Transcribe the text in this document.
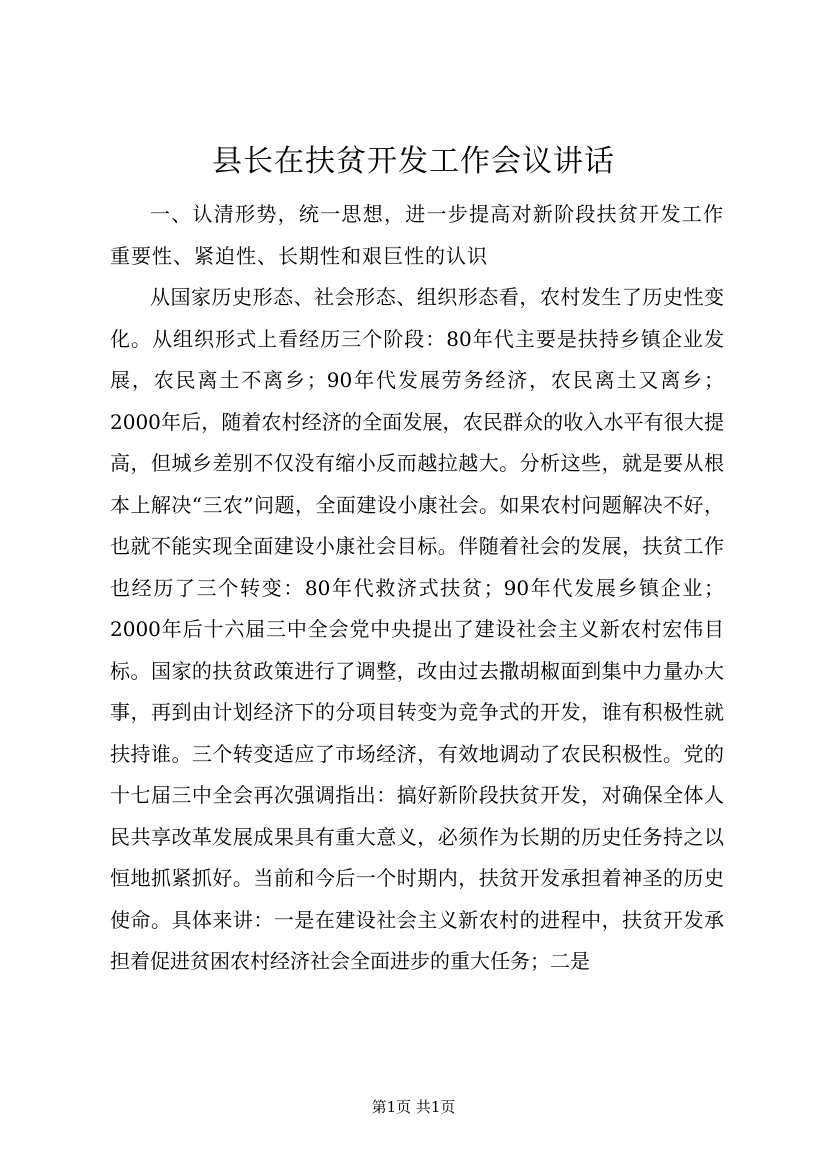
县长在扶贫开发工作会议讲话

一、认清形势，统一思想，进一步提高对新阶段扶贫开发工作重要性、紧迫性、长期性和艰巨性的认识

从国家历史形态、社会形态、组织形态看，农村发生了历史性变化。从组织形式上看经历三个阶段：80年代主要是扶持乡镇企业发展，农民离土不离乡；90年代发展劳务经济，农民离土又离乡；2000年后，随着农村经济的全面发展，农民群众的收入水平有很大提高，但城乡差别不仅没有缩小反而越拉越大。分析这些，就是要从根本上解决“三农”问题，全面建设小康社会。如果农村问题解决不好，也就不能实现全面建设小康社会目标。伴随着社会的发展，扶贫工作也经历了三个转变：80年代救济式扶贫；90年代发展乡镇企业；2000年后十六届三中全会党中央提出了建设社会主义新农村宏伟目标。国家的扶贫政策进行了调整，改由过去撒胡椒面到集中力量办大事，再到由计划经济下的分项目转变为竞争式的开发，谁有积极性就扶持谁。三个转变适应了市场经济，有效地调动了农民积极性。党的十七届三中全会再次强调指出：搞好新阶段扶贫开发，对确保全体人民共享改革发展成果具有重大意义，必须作为长期的历史任务持之以恒地抓紧抓好。当前和今后一个时期内，扶贫开发承担着神圣的历史使命。具体来讲：一是在建设社会主义新农村的进程中，扶贫开发承担着促进贫困农村经济社会全面进步的重大任务；二是

第1页 共1页
